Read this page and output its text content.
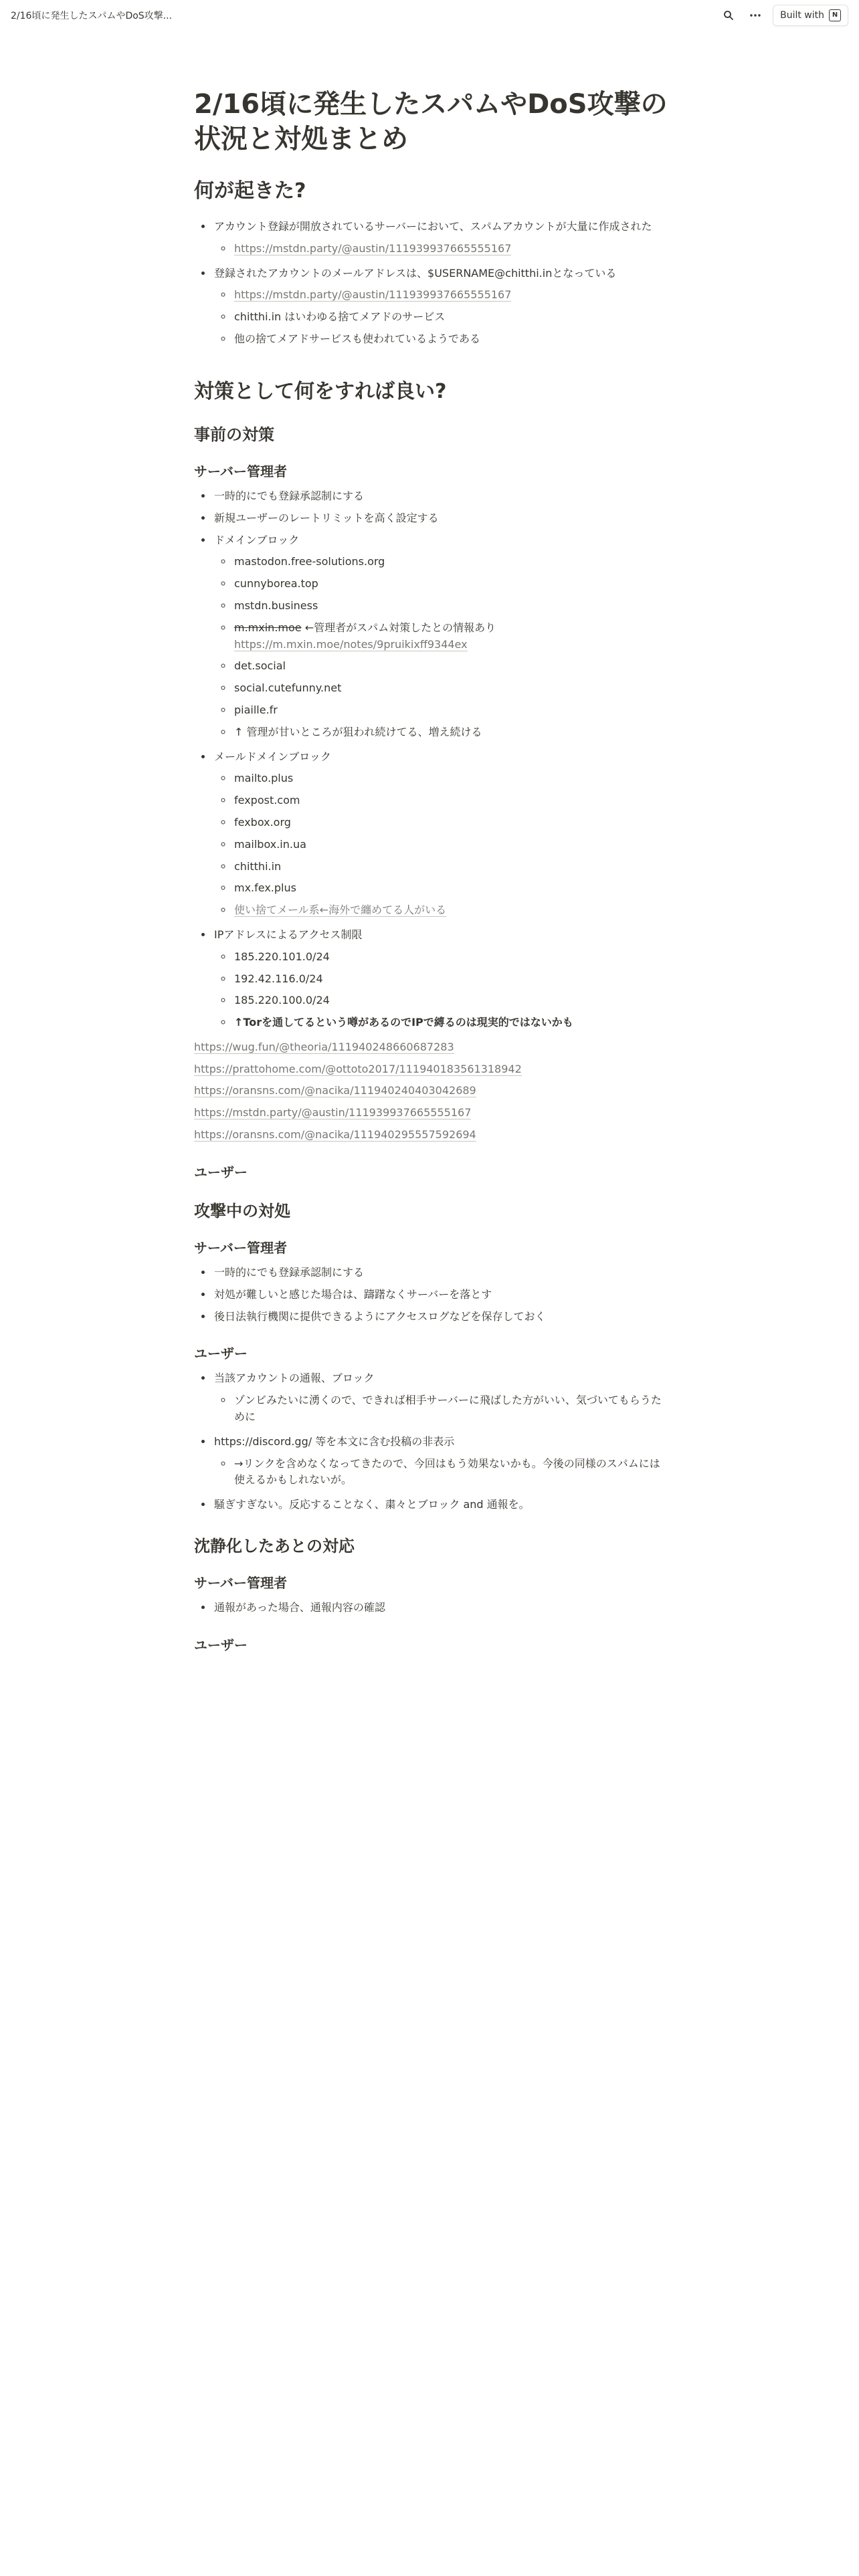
2/16頃に発生したスパムやDoS攻撃...	Built with	N
2/16頃に発生したスパムやDoS攻撃の状況と対処まとめ
何が起きた?
• アカウント登録が開放されているサーバーにおいて、スパムアカウントが大量に作成された
◦ https://mstdn.party/@austin/111939937665555167
• 登録されたアカウントのメールアドレスは、$USERNAME@chitthi.inとなっている
◦ https://mstdn.party/@austin/111939937665555167
◦ chitthi.in はいわゆる捨てメアドのサービス
◦ 他の捨てメアドサービスも使われているようである
対策として何をすれば良い?
事前の対策
サーバー管理者
• 一時的にでも登録承認制にする
• 新規ユーザーのレートリミットを高く設定する
• ドメインブロック
◦ mastodon.free-solutions.org
◦ cunnyborea.top
◦ mstdn.business
◦ m.mxin.moe ←管理者がスパム対策したとの情報あり
https://m.mxin.moe/notes/9pruikixff9344ex
◦ det.social
◦ social.cutefunny.net
◦ piaille.fr
◦ ↑ 管理が甘いところが狙われ続けてる、増え続ける
• メールドメインブロック
◦ mailto.plus
◦ fexpost.com
◦ fexbox.org
◦ mailbox.in.ua
◦ chitthi.in
◦ mx.fex.plus
◦ 使い捨てメール系←海外で纏めてる人がいる
• IPアドレスによるアクセス制限
◦ 185.220.101.0/24
◦ 192.42.116.0/24
◦ 185.220.100.0/24
◦ ↑Torを通してるという噂があるのでIPで縛るのは現実的ではないかも

https://wug.fun/@theoria/111940248660687283

https://prattohome.com/@ottoto2017/111940183561318942

https://oransns.com/@nacika/111940240403042689

https://mstdn.party/@austin/111939937665555167

https://oransns.com/@nacika/111940295557592694

ユーザー
攻撃中の対処
サーバー管理者
• 一時的にでも登録承認制にする
• 対処が難しいと感じた場合は、躊躇なくサーバーを落とす
• 後日法執行機関に提供できるようにアクセスログなどを保存しておく
ユーザー
• 当該アカウントの通報、ブロック
◦ ゾンビみたいに湧くので、できれば相手サーバーに飛ばした方がいい、気づいてもらうために
• https://discord.gg/ 等を本文に含む投稿の非表示
◦ →リンクを含めなくなってきたので、今回はもう効果ないかも。今後の同様のスパムには使えるかもしれないが。
• 騒ぎすぎない。反応することなく、粛々とブロック and 通報を。
沈静化したあとの対応
サーバー管理者
• 通報があった場合、通報内容の確認
ユーザー
